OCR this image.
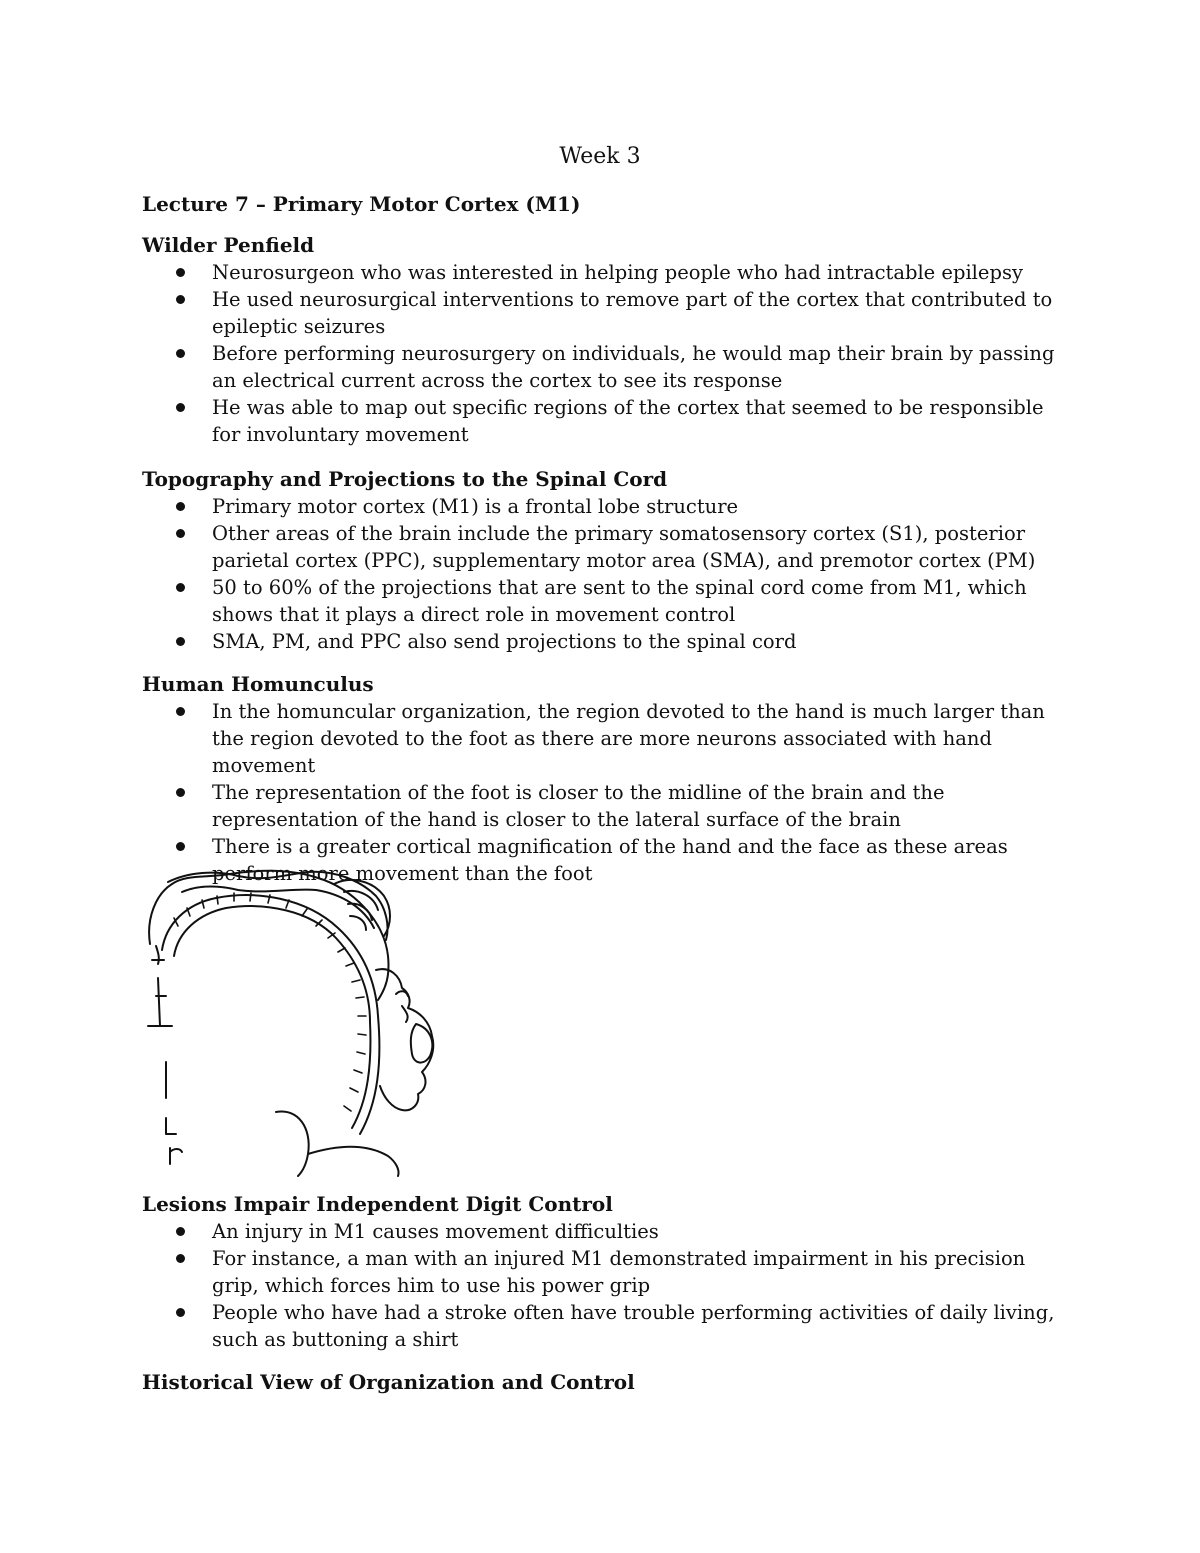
Week 3
Lecture 7 – Primary Motor Cortex (M1)
Wilder Penfield
Neurosurgeon who was interested in helping people who had intractable epilepsy
He used neurosurgical interventions to remove part of the cortex that contributed to epileptic seizures
Before performing neurosurgery on individuals, he would map their brain by passing an electrical current across the cortex to see its response
He was able to map out specific regions of the cortex that seemed to be responsible for involuntary movement
Topography and Projections to the Spinal Cord
Primary motor cortex (M1) is a frontal lobe structure
Other areas of the brain include the primary somatosensory cortex (S1), posterior parietal cortex (PPC), supplementary motor area (SMA), and premotor cortex (PM)
50 to 60% of the projections that are sent to the spinal cord come from M1, which shows that it plays a direct role in movement control
SMA, PM, and PPC also send projections to the spinal cord
Human Homunculus
In the homuncular organization, the region devoted to the hand is much larger than the region devoted to the foot as there are more neurons associated with hand movement
The representation of the foot is closer to the midline of the brain and the representation of the hand is closer to the lateral surface of the brain
There is a greater cortical magnification of the hand and the face as these areas perform more movement than the foot
Lesions Impair Independent Digit Control
An injury in M1 causes movement difficulties
For instance, a man with an injured M1 demonstrated impairment in his precision grip, which forces him to use his power grip
People who have had a stroke often have trouble performing activities of daily living, such as buttoning a shirt
Historical View of Organization and Control
